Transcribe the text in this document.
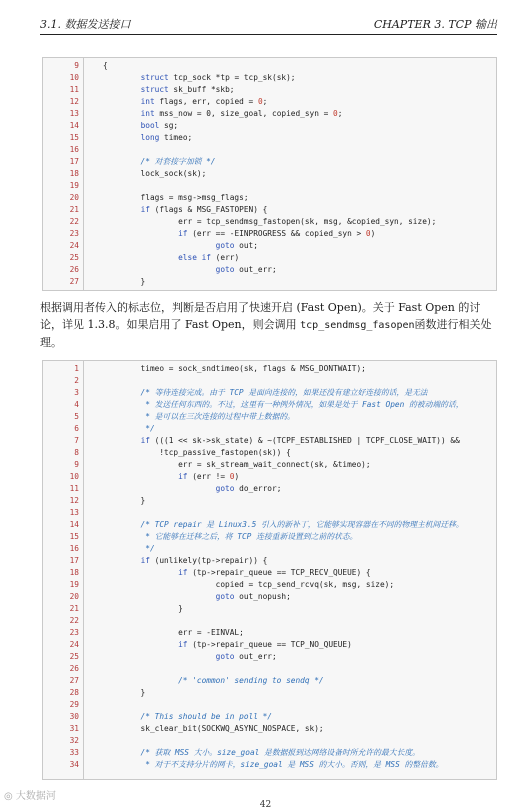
3.1. 数据发送接口	CHAPTER 3. TCP 输出
9	{
10	struct tcp_sock *tp = tcp_sk(sk);
11	struct sk_buff *skb;
12	int flags, err, copied = 0;
13	int mss_now = 0, size_goal, copied_syn = 0;
14	bool sg;
15	long timeo;
16
17	/* 对套接字加锁 */
18	lock_sock(sk);
19
20	flags = msg->msg_flags;
21	if (flags & MSG_FASTOPEN) {
22	err = tcp_sendmsg_fastopen(sk, msg, &copied_syn, size);
23	if (err == -EINPROGRESS && copied_syn > 0)
24	goto out;
25	else if (err)
26	goto out_err;
27	}
根据调用者传入的标志位，判断是否启用了快速开启 (Fast Open)。关于 Fast Open 的讨论，详见 1.3.8。如果启用了 Fast Open，则会调用 tcp_sendmsg_fasopen函数进行相关处理。
1	timeo = sock_sndtimeo(sk, flags & MSG_DONTWAIT);
2
3	/* 等待连接完成。由于 TCP 是面向连接的，如果还没有建立好连接的话，是无法
4	* 发送任何东西的。不过，这里有一种例外情况，如果是处于 Fast Open 的被动端的话，
5	* 是可以在三次连接的过程中带上数据的。
6	*/
7	if (((1 << sk->sk_state) & ~(TCPF_ESTABLISHED | TCPF_CLOSE_WAIT)) &&
8	!tcp_passive_fastopen(sk)) {
9	err = sk_stream_wait_connect(sk, &timeo);
10	if (err != 0)
11	goto do_error;
12	}
13
14	/* TCP repair 是 Linux3.5 引入的新补丁，它能够实现容器在不同的物理主机间迁移。
15	* 它能够在迁移之后，将 TCP 连接重新设置到之前的状态。
16	*/
17	if (unlikely(tp->repair)) {
18	if (tp->repair_queue == TCP_RECV_QUEUE) {
19	copied = tcp_send_rcvq(sk, msg, size);
20	goto out_nopush;
21	}
22
23	err = -EINVAL;
24	if (tp->repair_queue == TCP_NO_QUEUE)
25	goto out_err;
26
27	/* 'common' sending to sendq */
28	}
29
30	/* This should be in poll */
31	sk_clear_bit(SOCKWQ_ASYNC_NOSPACE, sk);
32
33	/* 获取 MSS 大小。size_goal 是数据报到达网络设备时所允许的最大长度。
34	* 对于不支持分片的网卡，size_goal 是 MSS 的大小。否则，是 MSS 的整倍数。
◎ 大数据河
42
